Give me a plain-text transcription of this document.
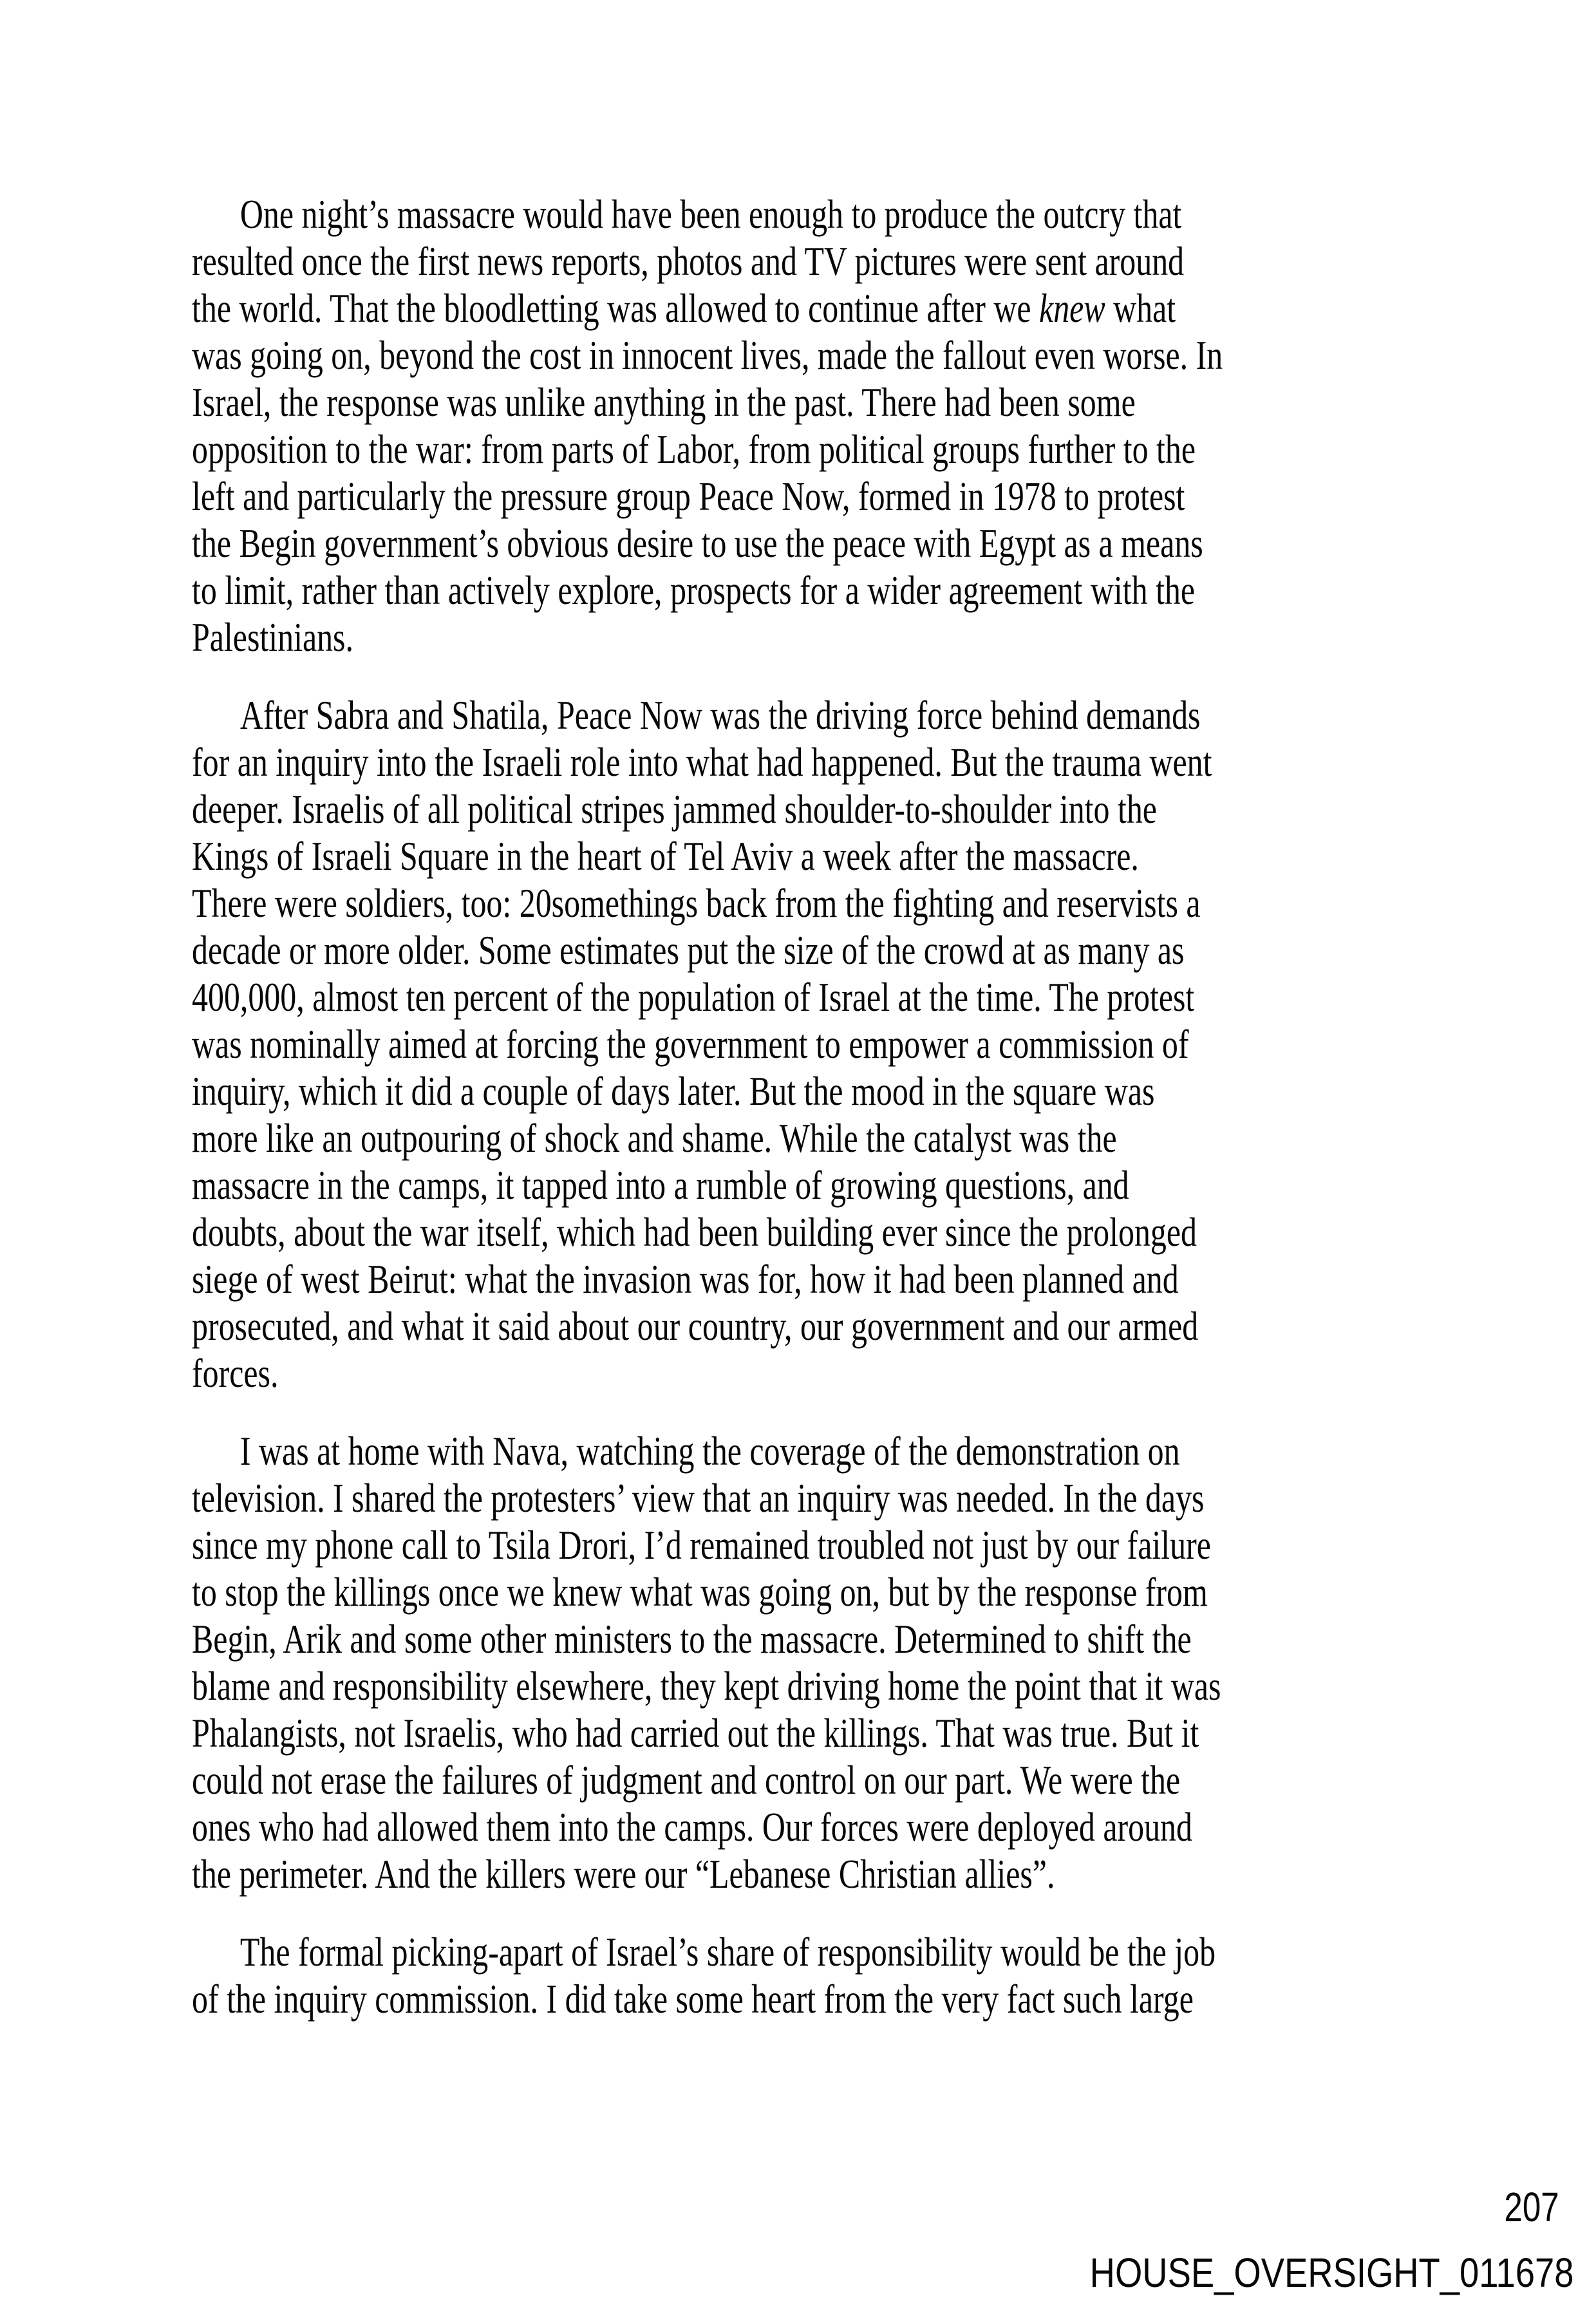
One night’s massacre would have been enough to produce the outcry that
resulted once the first news reports, photos and TV pictures were sent around
the world. That the bloodletting was allowed to continue after we knew what
was going on, beyond the cost in innocent lives, made the fallout even worse. In
Israel, the response was unlike anything in the past. There had been some
opposition to the war: from parts of Labor, from political groups further to the
left and particularly the pressure group Peace Now, formed in 1978 to protest
the Begin government’s obvious desire to use the peace with Egypt as a means
to limit, rather than actively explore, prospects for a wider agreement with the
Palestinians.
After Sabra and Shatila, Peace Now was the driving force behind demands
for an inquiry into the Israeli role into what had happened. But the trauma went
deeper. Israelis of all political stripes jammed shoulder-to-shoulder into the
Kings of Israeli Square in the heart of Tel Aviv a week after the massacre.
There were soldiers, too: 20somethings back from the fighting and reservists a
decade or more older. Some estimates put the size of the crowd at as many as
400,000, almost ten percent of the population of Israel at the time. The protest
was nominally aimed at forcing the government to empower a commission of
inquiry, which it did a couple of days later. But the mood in the square was
more like an outpouring of shock and shame. While the catalyst was the
massacre in the camps, it tapped into a rumble of growing questions, and
doubts, about the war itself, which had been building ever since the prolonged
siege of west Beirut: what the invasion was for, how it had been planned and
prosecuted, and what it said about our country, our government and our armed
forces.
I was at home with Nava, watching the coverage of the demonstration on
television. I shared the protesters’ view that an inquiry was needed. In the days
since my phone call to Tsila Drori, I’d remained troubled not just by our failure
to stop the killings once we knew what was going on, but by the response from
Begin, Arik and some other ministers to the massacre. Determined to shift the
blame and responsibility elsewhere, they kept driving home the point that it was
Phalangists, not Israelis, who had carried out the killings. That was true. But it
could not erase the failures of judgment and control on our part. We were the
ones who had allowed them into the camps. Our forces were deployed around
the perimeter. And the killers were our “Lebanese Christian allies”.
The formal picking-apart of Israel’s share of responsibility would be the job
of the inquiry commission. I did take some heart from the very fact such large
207
HOUSE_OVERSIGHT_011678
